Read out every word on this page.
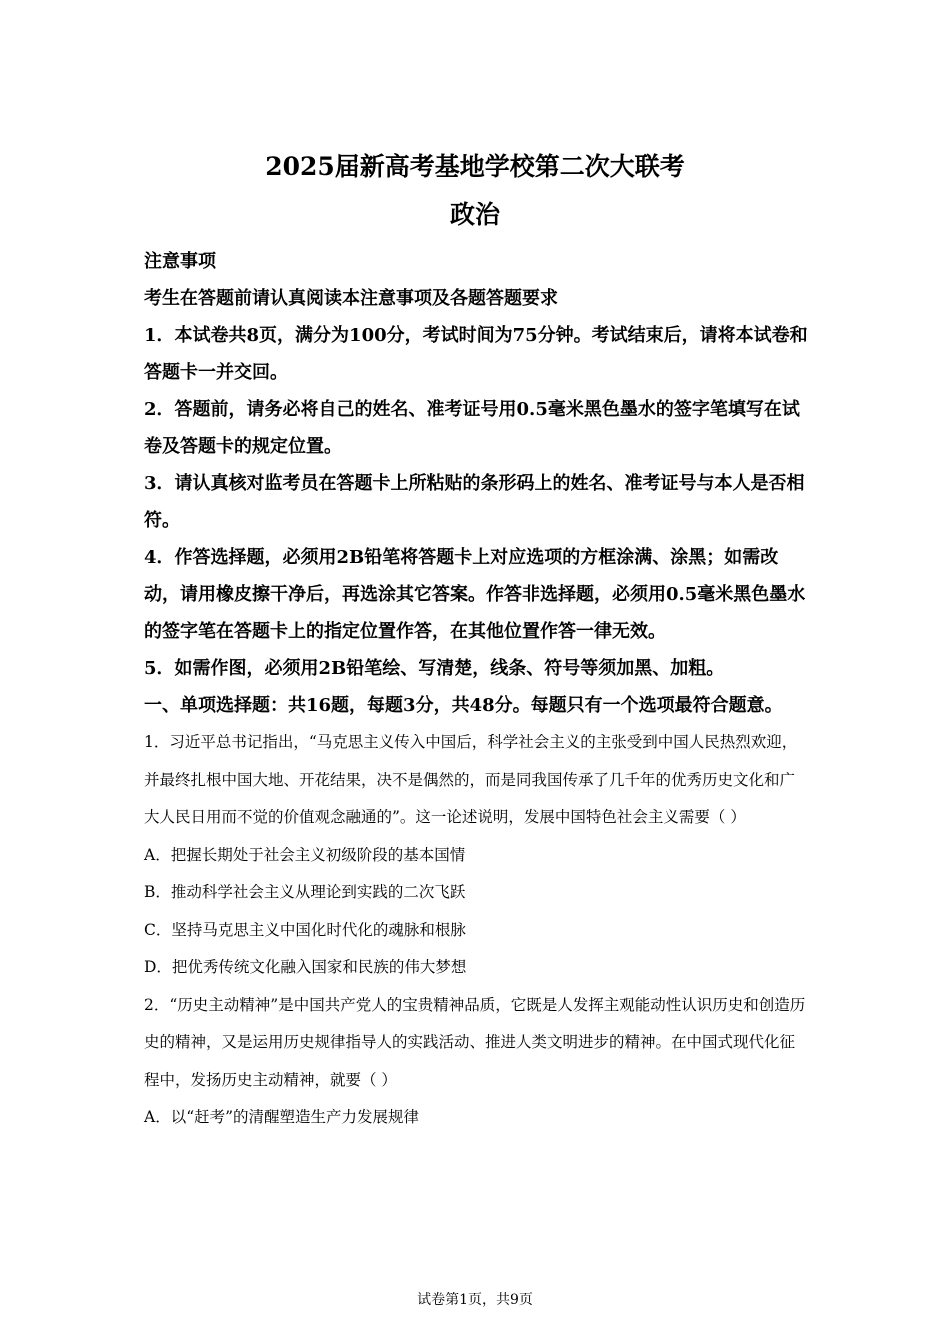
2025届新高考基地学校第二次大联考
政治

注意事项

考生在答题前请认真阅读本注意事项及各题答题要求

1．本试卷共8页，满分为100分，考试时间为75分钟。考试结束后，请将本试卷和答题卡一并交回。

2．答题前，请务必将自己的姓名、准考证号用0.5毫米黑色墨水的签字笔填写在试卷及答题卡的规定位置。

3．请认真核对监考员在答题卡上所粘贴的条形码上的姓名、准考证号与本人是否相符。

4．作答选择题，必须用2B铅笔将答题卡上对应选项的方框涂满、涂黑；如需改动，请用橡皮擦干净后，再选涂其它答案。作答非选择题，必须用0.5毫米黑色墨水的签字笔在答题卡上的指定位置作答，在其他位置作答一律无效。

5．如需作图，必须用2B铅笔绘、写清楚，线条、符号等须加黑、加粗。

一、单项选择题：共16题，每题3分，共48分。每题只有一个选项最符合题意。

1．习近平总书记指出，“马克思主义传入中国后，科学社会主义的主张受到中国人民热烈欢迎，并最终扎根中国大地、开花结果，决不是偶然的，而是同我国传承了几千年的优秀历史文化和广大人民日用而不觉的价值观念融通的”。这一论述说明，发展中国特色社会主义需要（ ）

A．把握长期处于社会主义初级阶段的基本国情

B．推动科学社会主义从理论到实践的二次飞跃

C．坚持马克思主义中国化时代化的魂脉和根脉

D．把优秀传统文化融入国家和民族的伟大梦想

2．“历史主动精神”是中国共产党人的宝贵精神品质，它既是人发挥主观能动性认识历史和创造历史的精神，又是运用历史规律指导人的实践活动、推进人类文明进步的精神。在中国式现代化征程中，发扬历史主动精神，就要（ ）

A．以“赶考”的清醒塑造生产力发展规律

试卷第1页，共9页
